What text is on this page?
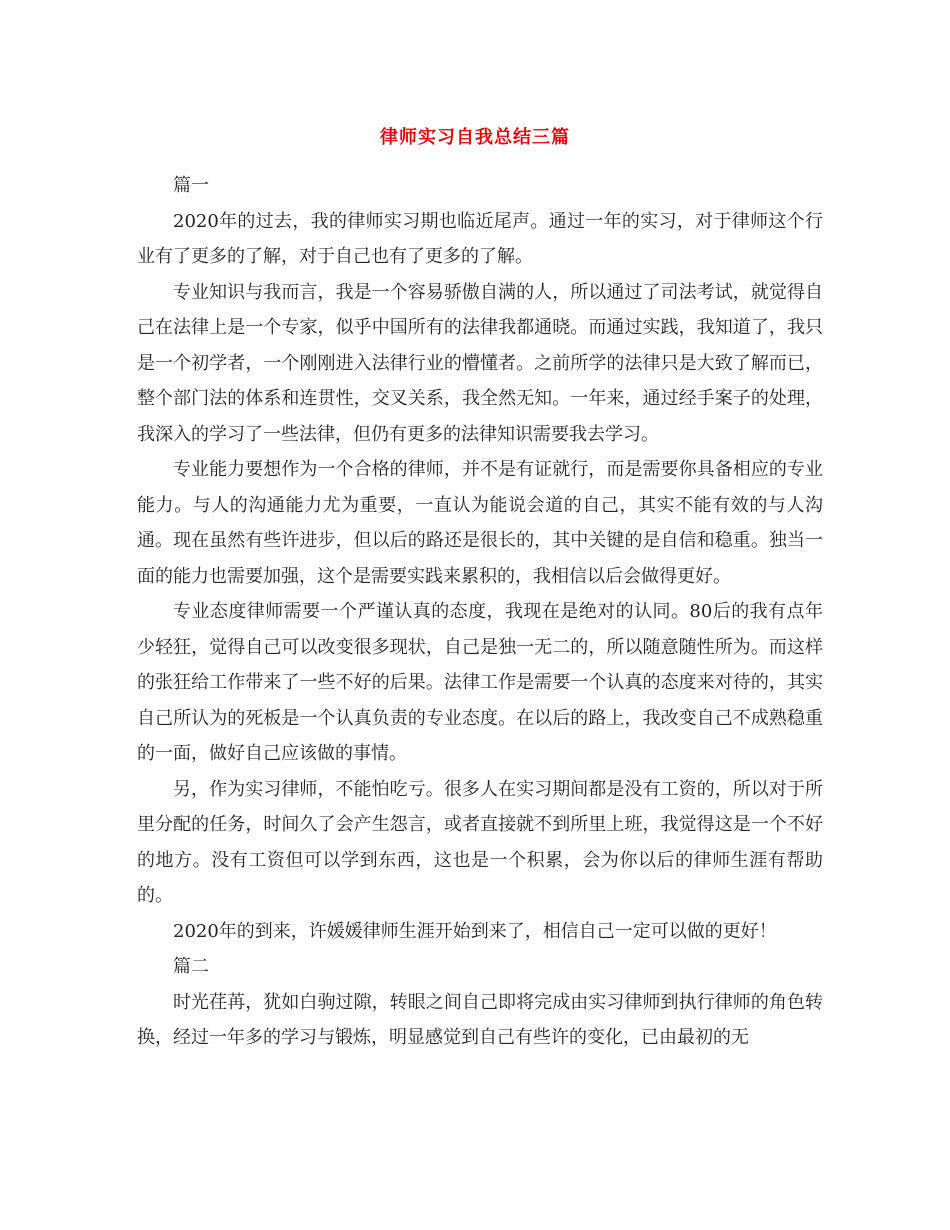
律师实习自我总结三篇

篇一

2020年的过去，我的律师实习期也临近尾声。通过一年的实习，对于律师这个行业有了更多的了解，对于自己也有了更多的了解。

专业知识与我而言，我是一个容易骄傲自满的人，所以通过了司法考试，就觉得自己在法律上是一个专家，似乎中国所有的法律我都通晓。而通过实践，我知道了，我只是一个初学者，一个刚刚进入法律行业的懵懂者。之前所学的法律只是大致了解而已，整个部门法的体系和连贯性，交叉关系，我全然无知。一年来，通过经手案子的处理，我深入的学习了一些法律，但仍有更多的法律知识需要我去学习。

专业能力要想作为一个合格的律师，并不是有证就行，而是需要你具备相应的专业能力。与人的沟通能力尤为重要，一直认为能说会道的自己，其实不能有效的与人沟通。现在虽然有些许进步，但以后的路还是很长的，其中关键的是自信和稳重。独当一面的能力也需要加强，这个是需要实践来累积的，我相信以后会做得更好。

专业态度律师需要一个严谨认真的态度，我现在是绝对的认同。80后的我有点年少轻狂，觉得自己可以改变很多现状，自己是独一无二的，所以随意随性所为。而这样的张狂给工作带来了一些不好的后果。法律工作是需要一个认真的态度来对待的，其实自己所认为的死板是一个认真负责的专业态度。在以后的路上，我改变自己不成熟稳重的一面，做好自己应该做的事情。

另，作为实习律师，不能怕吃亏。很多人在实习期间都是没有工资的，所以对于所里分配的任务，时间久了会产生怨言，或者直接就不到所里上班，我觉得这是一个不好的地方。没有工资但可以学到东西，这也是一个积累，会为你以后的律师生涯有帮助的。

2020年的到来，许媛媛律师生涯开始到来了，相信自己一定可以做的更好！

篇二

时光荏苒，犹如白驹过隙，转眼之间自己即将完成由实习律师到执行律师的角色转换，经过一年多的学习与锻炼，明显感觉到自己有些许的变化，已由最初的无
